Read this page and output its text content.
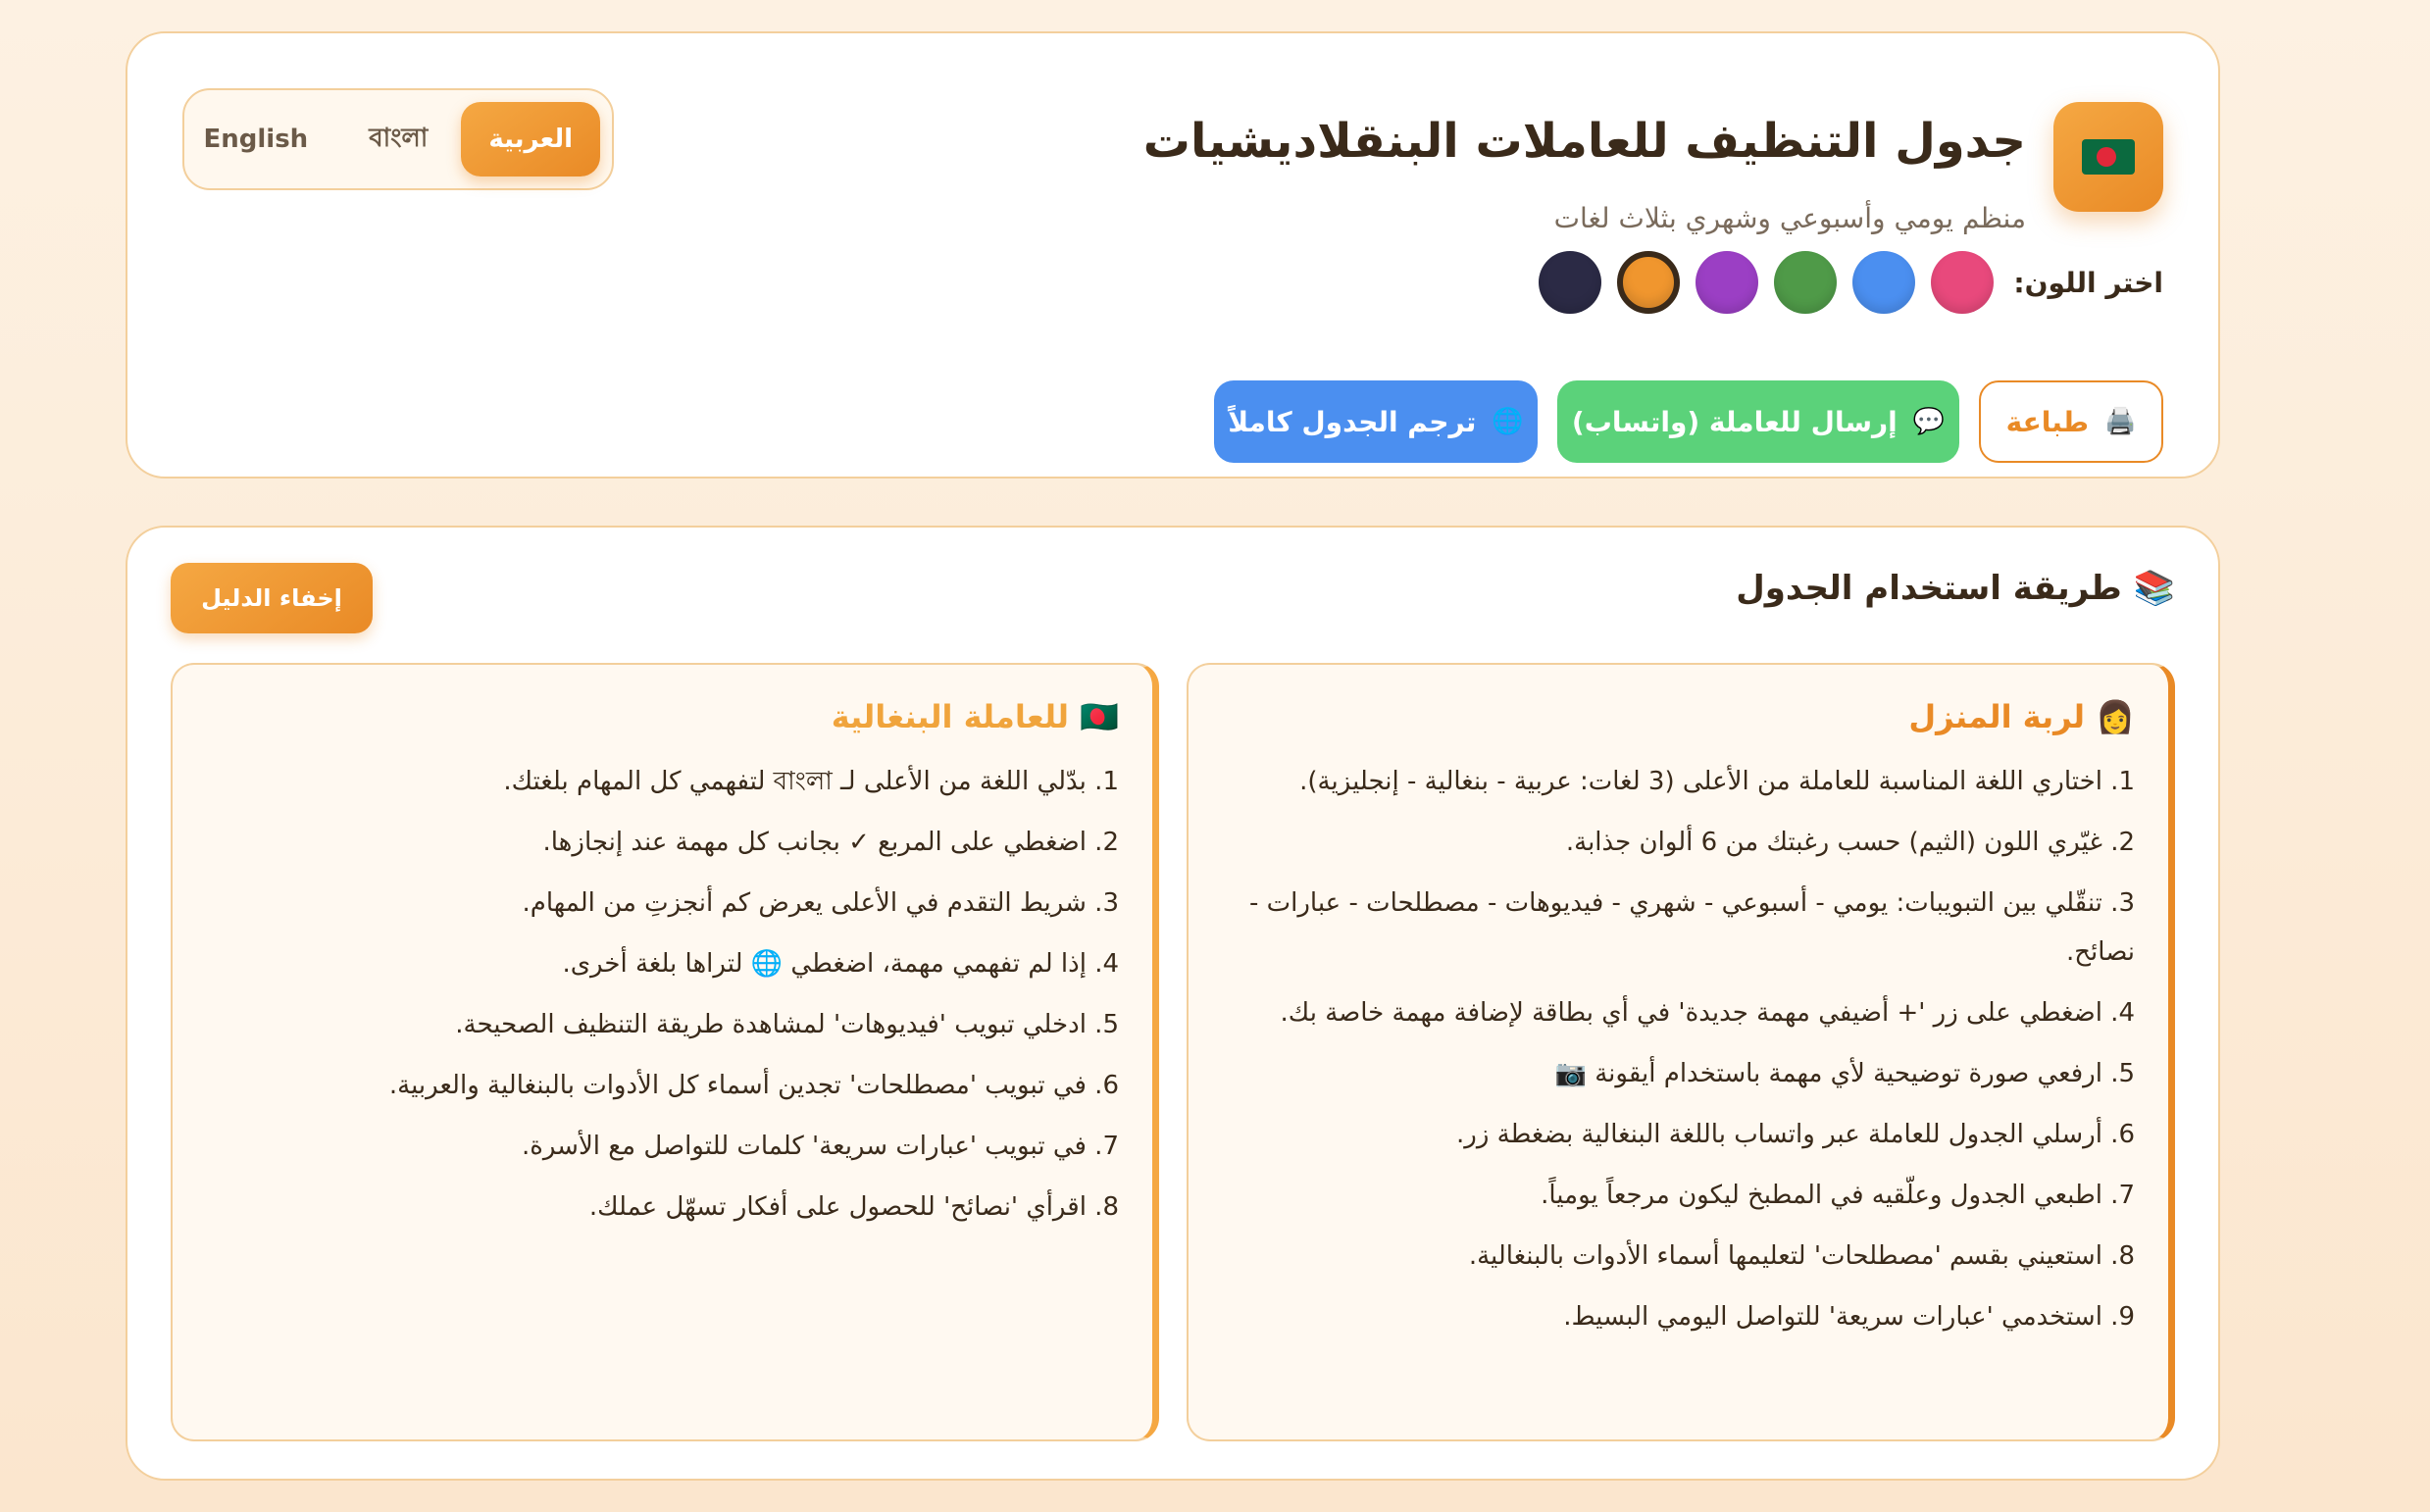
جدول التنظيف للعاملات البنقلاديشيات

منظم يومي وأسبوعي وشهري بثلاث لغات

العربية
বাংলা
English
اختر اللون:
🖨️
طباعة
💬
إرسال للعاملة (واتساب)
🌐
ترجم الجدول كاملاً
📚 طريقة استخدام الجدول
إخفاء الدليل
👩 لربة المنزل
1. اختاري اللغة المناسبة للعاملة من الأعلى (3 لغات: عربية - بنغالية - إنجليزية).
2. غيّري اللون (الثيم) حسب رغبتك من 6 ألوان جذابة.
3. تنقّلي بين التبويبات: يومي - أسبوعي - شهري - فيديوهات - مصطلحات - عبارات - نصائح.
4. اضغطي على زر '+ أضيفي مهمة جديدة' في أي بطاقة لإضافة مهمة خاصة بك.
5. ارفعي صورة توضيحية لأي مهمة باستخدام أيقونة 📷
6. أرسلي الجدول للعاملة عبر واتساب باللغة البنغالية بضغطة زر.
7. اطبعي الجدول وعلّقيه في المطبخ ليكون مرجعاً يومياً.
8. استعيني بقسم 'مصطلحات' لتعليمها أسماء الأدوات بالبنغالية.
9. استخدمي 'عبارات سريعة' للتواصل اليومي البسيط.
🇧🇩 للعاملة البنغالية
1. بدّلي اللغة من الأعلى لـ বাংলা لتفهمي كل المهام بلغتك.
2. اضغطي على المربع ✓ بجانب كل مهمة عند إنجازها.
3. شريط التقدم في الأعلى يعرض كم أنجزتِ من المهام.
4. إذا لم تفهمي مهمة، اضغطي 🌐 لتراها بلغة أخرى.
5. ادخلي تبويب 'فيديوهات' لمشاهدة طريقة التنظيف الصحيحة.
6. في تبويب 'مصطلحات' تجدين أسماء كل الأدوات بالبنغالية والعربية.
7. في تبويب 'عبارات سريعة' كلمات للتواصل مع الأسرة.
8. اقرأي 'نصائح' للحصول على أفكار تسهّل عملك.
